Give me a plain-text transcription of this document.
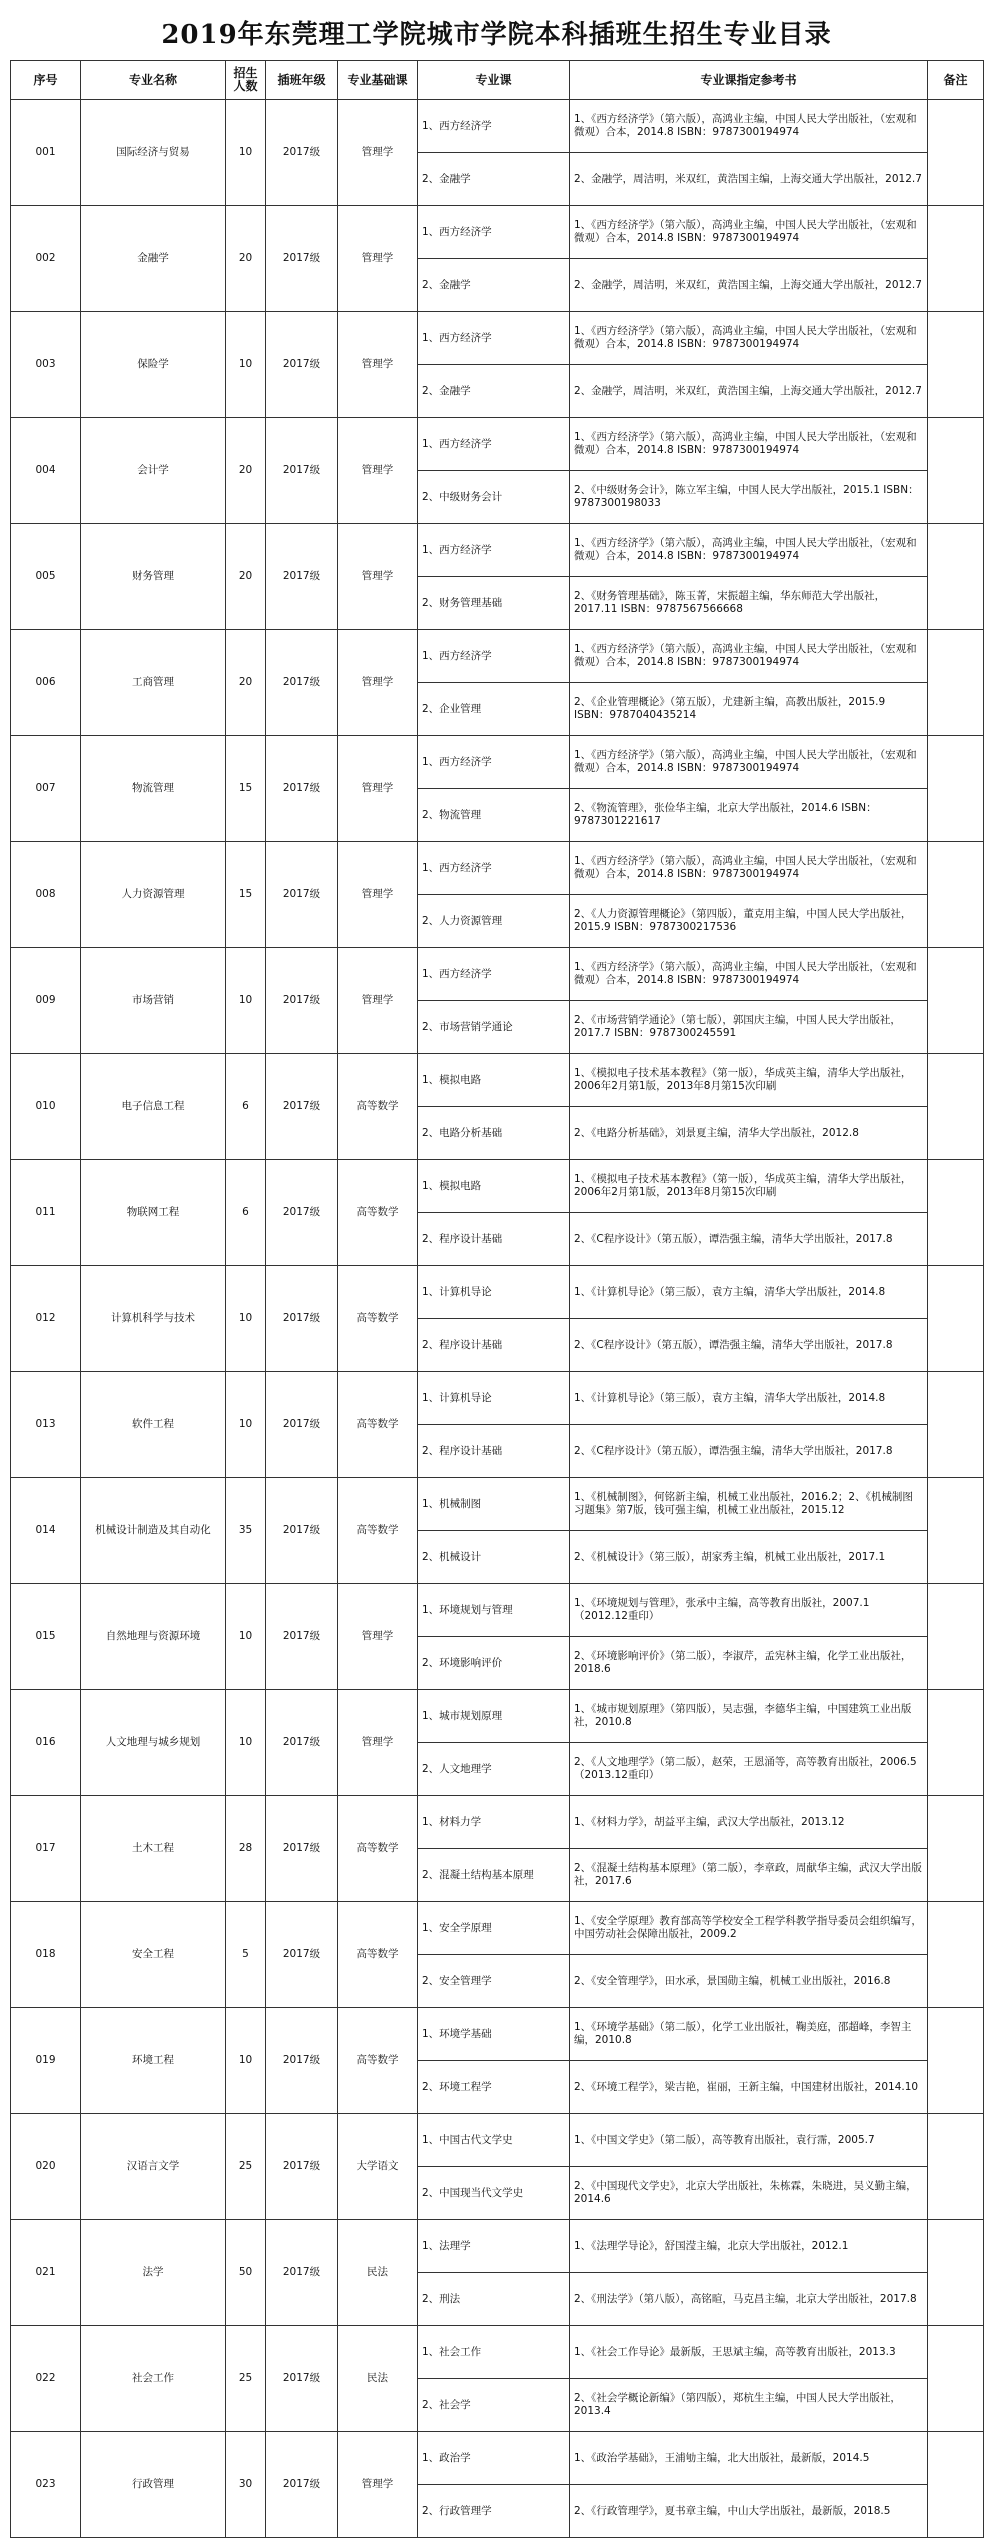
2019年东莞理工学院城市学院本科插班生招生专业目录
序号	专业名称	招生人数	插班年级	专业基础课	专业课	专业课指定参考书	备注
001	国际经济与贸易	10	2017级	管理学	1、西方经济学	1、《西方经济学》（第六版），高鸿业主编，中国人民大学出版社，（宏观和微观）合本，2014.8 ISBN：9787300194974	
					2、金融学	2、金融学，周洁明，米双红，黄浩国主编，上海交通大学出版社，2012.7	
002	金融学	20	2017级	管理学	1、西方经济学	1、《西方经济学》（第六版），高鸿业主编，中国人民大学出版社，（宏观和微观）合本，2014.8 ISBN：9787300194974	
					2、金融学	2、金融学，周洁明，米双红，黄浩国主编，上海交通大学出版社，2012.7	
003	保险学	10	2017级	管理学	1、西方经济学	1、《西方经济学》（第六版），高鸿业主编，中国人民大学出版社，（宏观和微观）合本，2014.8 ISBN：9787300194974	
					2、金融学	2、金融学，周洁明，米双红，黄浩国主编，上海交通大学出版社，2012.7	
004	会计学	20	2017级	管理学	1、西方经济学	1、《西方经济学》（第六版），高鸿业主编，中国人民大学出版社，（宏观和微观）合本，2014.8 ISBN：9787300194974	
					2、中级财务会计	2、《中级财务会计》，陈立军主编，中国人民大学出版社，2015.1 ISBN：9787300198033	
005	财务管理	20	2017级	管理学	1、西方经济学	1、《西方经济学》（第六版），高鸿业主编，中国人民大学出版社，（宏观和微观）合本，2014.8 ISBN：9787300194974	
					2、财务管理基础	2、《财务管理基础》，陈玉菁，宋振超主编，华东师范大学出版社，2017.11 ISBN：9787567566668	
006	工商管理	20	2017级	管理学	1、西方经济学	1、《西方经济学》（第六版），高鸿业主编，中国人民大学出版社，（宏观和微观）合本，2014.8 ISBN：9787300194974	
					2、企业管理	2、《企业管理概论》（第五版），尤建新主编，高教出版社，2015.9 ISBN：9787040435214	
007	物流管理	15	2017级	管理学	1、西方经济学	1、《西方经济学》（第六版），高鸿业主编，中国人民大学出版社，（宏观和微观）合本，2014.8 ISBN：9787300194974	
					2、物流管理	2、《物流管理》，张俭华主编，北京大学出版社，2014.6 ISBN：9787301221617	
008	人力资源管理	15	2017级	管理学	1、西方经济学	1、《西方经济学》（第六版），高鸿业主编，中国人民大学出版社，（宏观和微观）合本，2014.8 ISBN：9787300194974	
					2、人力资源管理	2、《人力资源管理概论》（第四版），董克用主编，中国人民大学出版社，2015.9 ISBN：9787300217536	
009	市场营销	10	2017级	管理学	1、西方经济学	1、《西方经济学》（第六版），高鸿业主编，中国人民大学出版社，（宏观和微观）合本，2014.8 ISBN：9787300194974	
					2、市场营销学通论	2、《市场营销学通论》（第七版），郭国庆主编，中国人民大学出版社，2017.7 ISBN：9787300245591	
010	电子信息工程	6	2017级	高等数学	1、模拟电路	1、《模拟电子技术基本教程》（第一版），华成英主编，清华大学出版社，2006年2月第1版，2013年8月第15次印刷	
					2、电路分析基础	2、《电路分析基础》，刘景夏主编，清华大学出版社，2012.8	
011	物联网工程	6	2017级	高等数学	1、模拟电路	1、《模拟电子技术基本教程》（第一版），华成英主编，清华大学出版社，2006年2月第1版，2013年8月第15次印刷	
					2、程序设计基础	2、《C程序设计》（第五版），谭浩强主编，清华大学出版社，2017.8	
012	计算机科学与技术	10	2017级	高等数学	1、计算机导论	1、《计算机导论》（第三版），袁方主编，清华大学出版社，2014.8	
					2、程序设计基础	2、《C程序设计》（第五版），谭浩强主编，清华大学出版社，2017.8	
013	软件工程	10	2017级	高等数学	1、计算机导论	1、《计算机导论》（第三版），袁方主编，清华大学出版社，2014.8	
					2、程序设计基础	2、《C程序设计》（第五版），谭浩强主编，清华大学出版社，2017.8	
014	机械设计制造及其自动化	35	2017级	高等数学	1、机械制图	1、《机械制图》，何铭新主编，机械工业出版社，2016.2；2、《机械制图习题集》第7版，钱可强主编，机械工业出版社，2015.12	
					2、机械设计	2、《机械设计》（第三版），胡家秀主编，机械工业出版社，2017.1	
015	自然地理与资源环境	10	2017级	管理学	1、环境规划与管理	1、《环境规划与管理》，张承中主编，高等教育出版社，2007.1（2012.12重印）	
					2、环境影响评价	2、《环境影响评价》（第二版），李淑芹，孟宪林主编，化学工业出版社，2018.6	
016	人文地理与城乡规划	10	2017级	管理学	1、城市规划原理	1、《城市规划原理》（第四版），吴志强，李德华主编，中国建筑工业出版社，2010.8	
					2、人文地理学	2、《人文地理学》（第二版），赵荣，王恩涌等，高等教育出版社，2006.5（2013.12重印）	
017	土木工程	28	2017级	高等数学	1、材料力学	1、《材料力学》，胡益平主编，武汉大学出版社，2013.12	
					2、混凝土结构基本原理	2、《混凝土结构基本原理》（第二版），李章政，周献华主编，武汉大学出版社，2017.6	
018	安全工程	5	2017级	高等数学	1、安全学原理	1、《安全学原理》教育部高等学校安全工程学科教学指导委员会组织编写，中国劳动社会保障出版社，2009.2	
					2、安全管理学	2、《安全管理学》，田水承，景国勋主编，机械工业出版社，2016.8	
019	环境工程	10	2017级	高等数学	1、环境学基础	1、《环境学基础》（第二版），化学工业出版社，鞠美庭，邵超峰，李智主编，2010.8	
					2、环境工程学	2、《环境工程学》，梁吉艳，崔丽，王新主编，中国建材出版社，2014.10	
020	汉语言文学	25	2017级	大学语文	1、中国古代文学史	1、《中国文学史》（第二版），高等教育出版社，袁行霈，2005.7	
					2、中国现当代文学史	2、《中国现代文学史》，北京大学出版社，朱栋霖，朱晓进，吴义勤主编，2014.6	
021	法学	50	2017级	民法	1、法理学	1、《法理学导论》，舒国滢主编，北京大学出版社，2012.1	
					2、刑法	2、《刑法学》（第八版），高铭暄，马克昌主编，北京大学出版社，2017.8	
022	社会工作	25	2017级	民法	1、社会工作	1、《社会工作导论》最新版，王思斌主编，高等教育出版社，2013.3	
					2、社会学	2、《社会学概论新编》（第四版），郑杭生主编，中国人民大学出版社，2013.4	
023	行政管理	30	2017级	管理学	1、政治学	1、《政治学基础》，王浦劬主编，北大出版社，最新版，2014.5	
					2、行政管理学	2、《行政管理学》，夏书章主编，中山大学出版社，最新版，2018.5	
